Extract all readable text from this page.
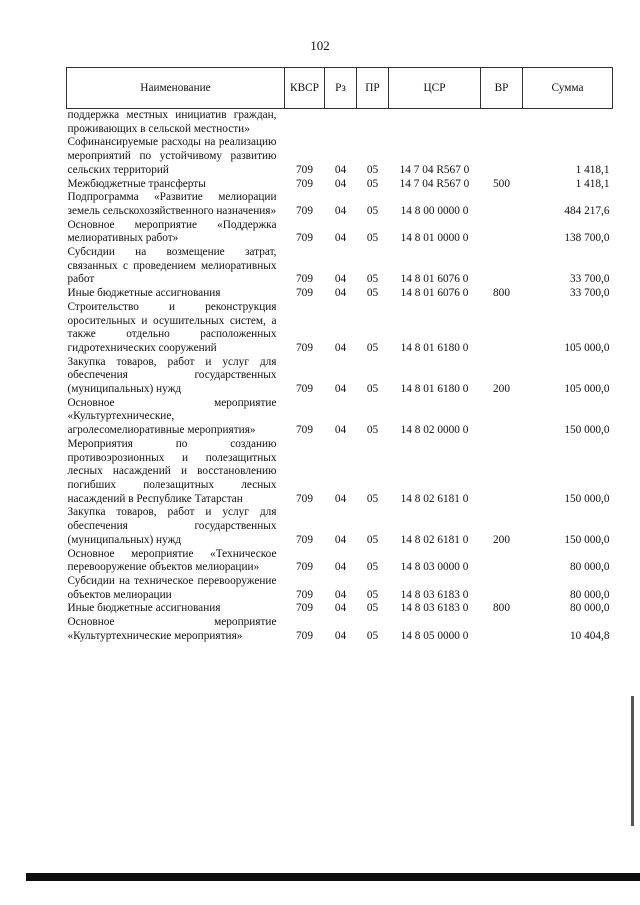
102
Наименование	КВСР	Рз	ПР	ЦСР	ВР	Сумма
поддержка местных инициатив граждан, проживающих в сельской местности»						
Софинансируемые расходы на реализацию мероприятий по устойчивому развитию сельских территорий	709	04	05	14 7 04 R567 0		1 418,1
Межбюджетные трансферты	709	04	05	14 7 04 R567 0	500	1 418,1
Подпрограмма «Развитие мелиорации земель сельскохозяйственного назначения»	709	04	05	14 8 00 0000 0		484 217,6
Основное мероприятие «Поддержка мелиоративных работ»	709	04	05	14 8 01 0000 0		138 700,0
Субсидии на возмещение затрат, связанных с проведением мелиоративных работ	709	04	05	14 8 01 6076 0		33 700,0
Иные бюджетные ассигнования	709	04	05	14 8 01 6076 0	800	33 700,0
Строительство и реконструкция оросительных и осушительных систем, а также отдельно расположенных гидротехнических сооружений	709	04	05	14 8 01 6180 0		105 000,0
Закупка товаров, работ и услуг для обеспечения государственных (муниципальных) нужд	709	04	05	14 8 01 6180 0	200	105 000,0
Основное мероприятие «Культуртехнические, агролесомелиоративные мероприятия»	709	04	05	14 8 02 0000 0		150 000,0
Мероприятия по созданию противоэрозионных и полезащитных лесных насаждений и восстановлению погибших полезащитных лесных насаждений в Республике Татарстан	709	04	05	14 8 02 6181 0		150 000,0
Закупка товаров, работ и услуг для обеспечения государственных (муниципальных) нужд	709	04	05	14 8 02 6181 0	200	150 000,0
Основное мероприятие «Техническое перевооружение объектов мелиорации»	709	04	05	14 8 03 0000 0		80 000,0
Субсидии на техническое перевооружение объектов мелиорации	709	04	05	14 8 03 6183 0		80 000,0
Иные бюджетные ассигнования	709	04	05	14 8 03 6183 0	800	80 000,0
Основное мероприятие «Культуртехнические мероприятия»	709	04	05	14 8 05 0000 0		10 404,8
